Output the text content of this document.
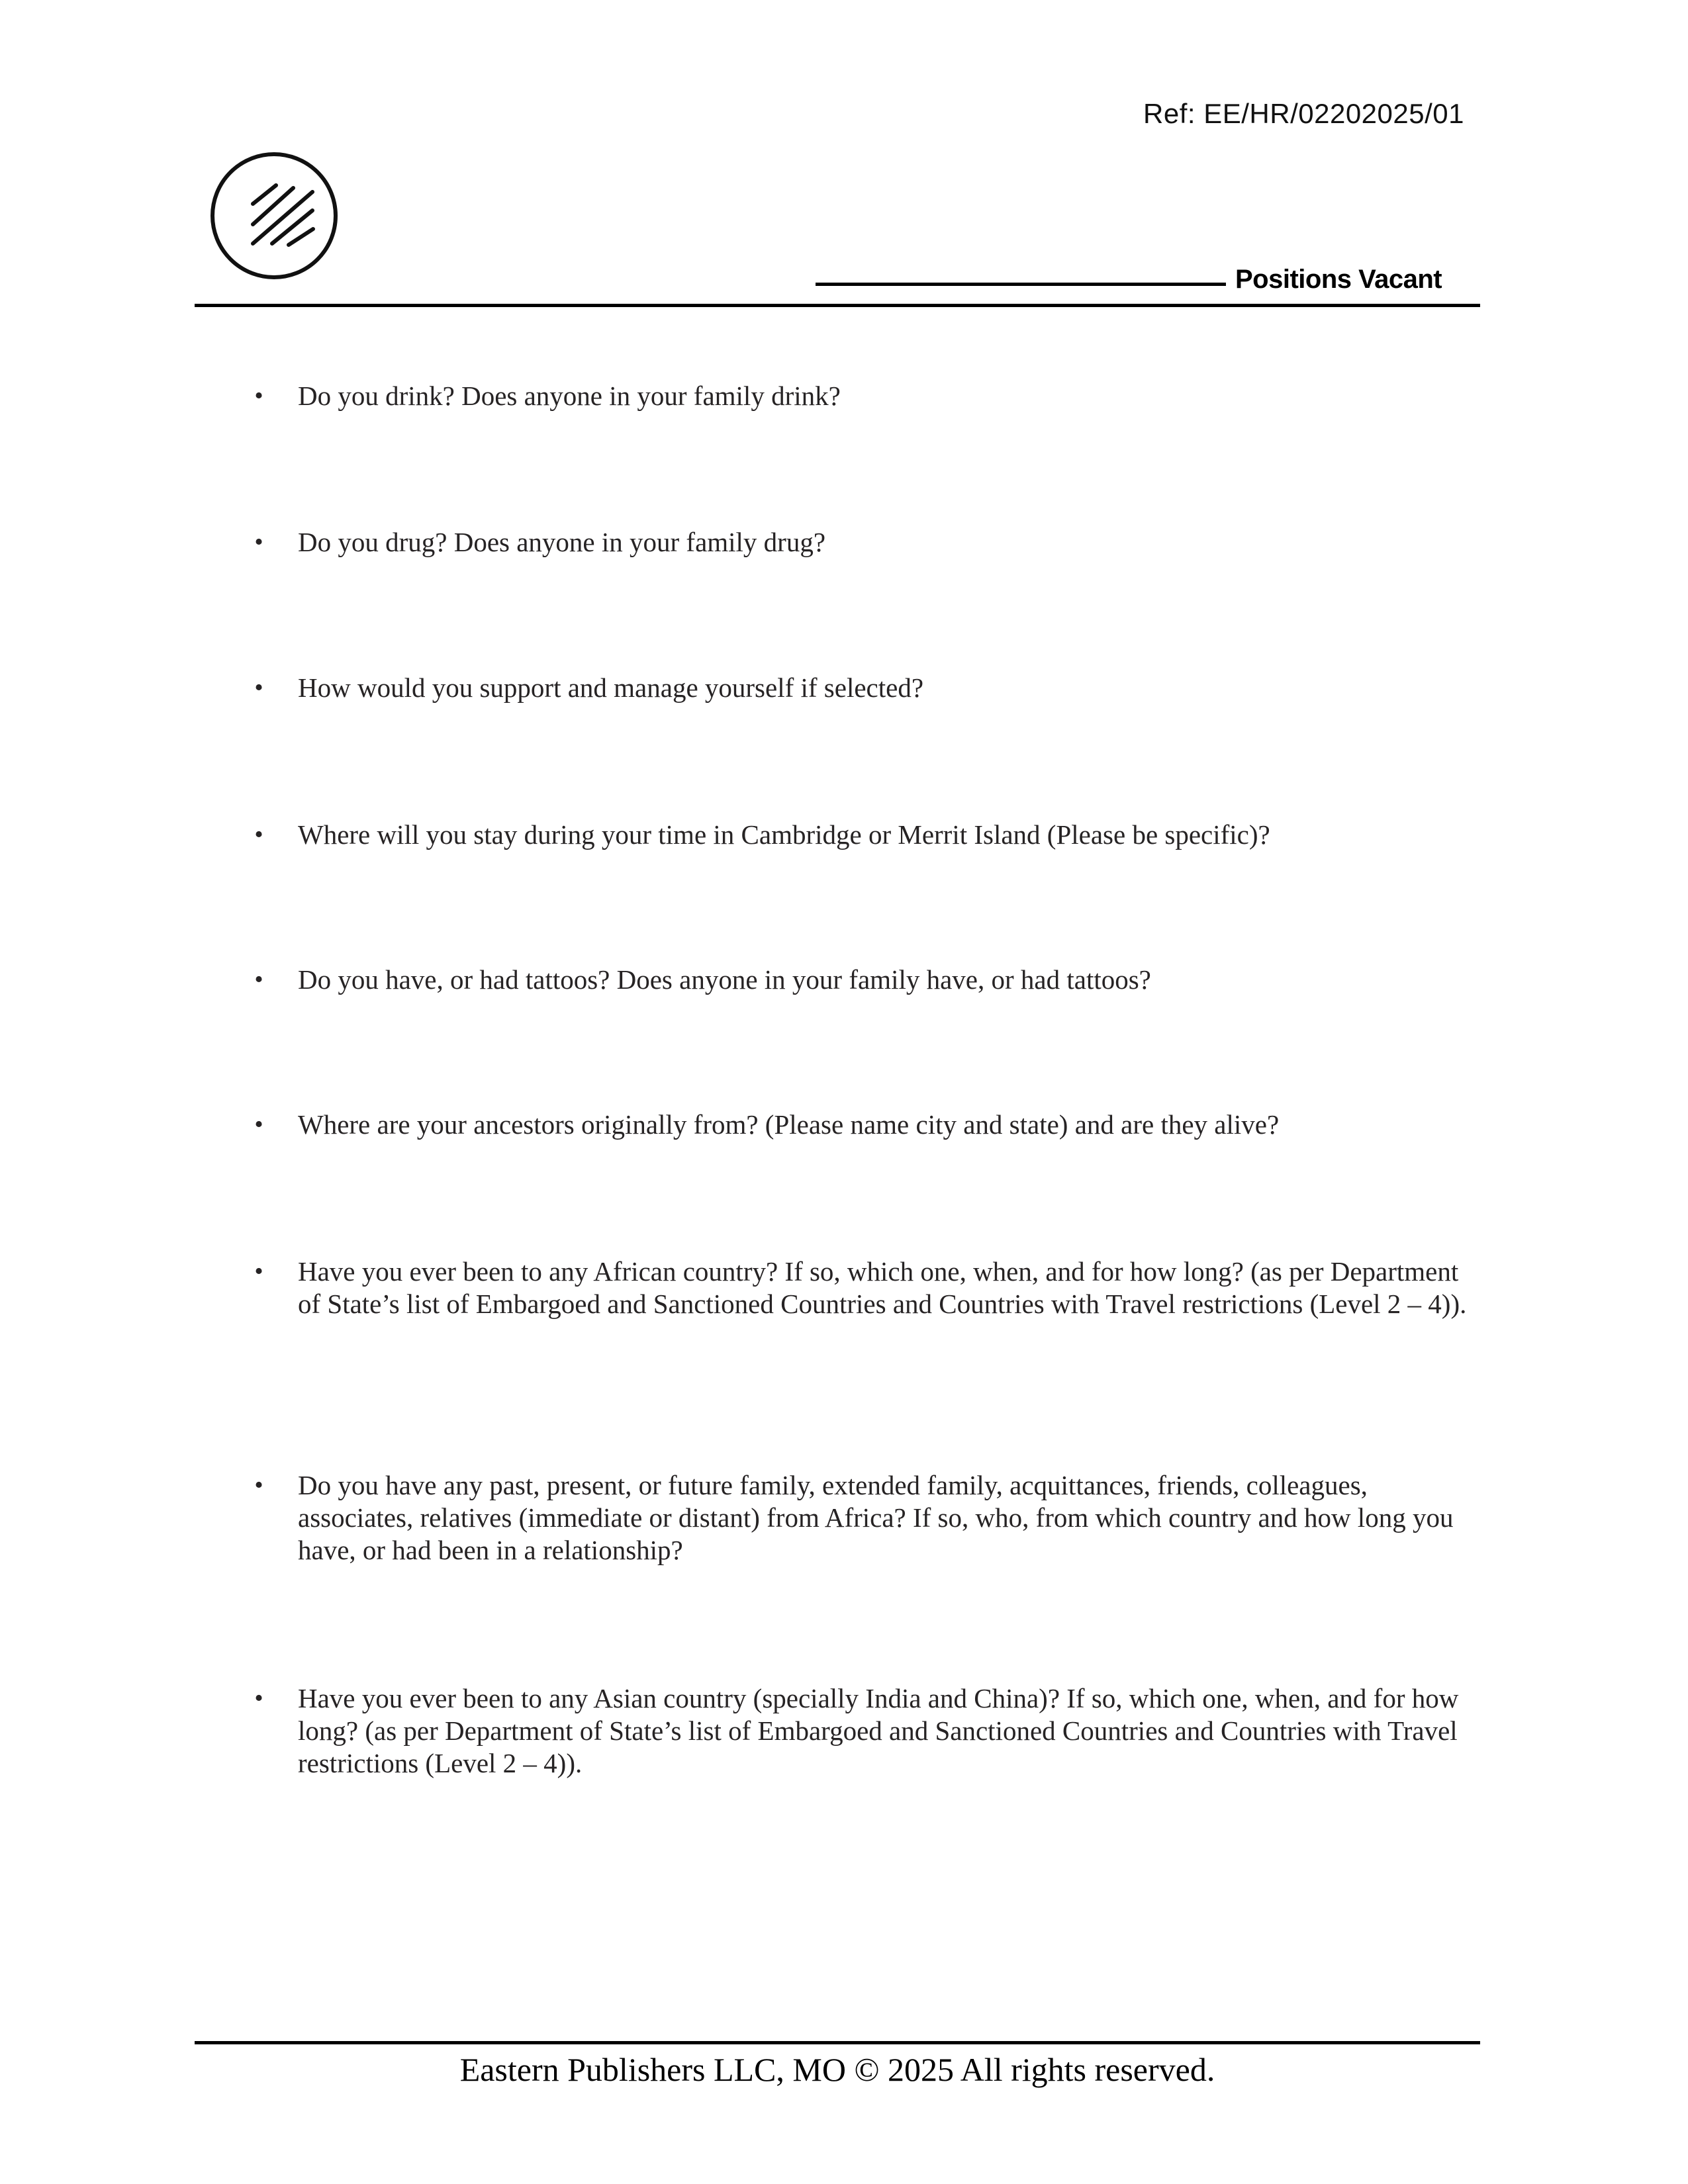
Ref: EE/HR/02202025/01
Positions Vacant
• Do you drink? Does anyone in your family drink?
• Do you drug? Does anyone in your family drug?
• How would you support and manage yourself if selected?
• Where will you stay during your time in Cambridge or Merrit Island (Please be specific)?
• Do you have, or had tattoos? Does anyone in your family have, or had tattoos?
• Where are your ancestors originally from? (Please name city and state) and are they alive?
• Have you ever been to any African country? If so, which one, when, and for how long? (as per Department of State’s list of Embargoed and Sanctioned Countries and Countries with Travel restrictions (Level 2 – 4)).
• Do you have any past, present, or future family, extended family, acquittances, friends, colleagues, associates, relatives (immediate or distant) from Africa? If so, who, from which country and how long you have, or had been in a relationship?
• Have you ever been to any Asian country (specially India and China)? If so, which one, when, and for how long? (as per Department of State’s list of Embargoed and Sanctioned Countries and Countries with Travel restrictions (Level 2 – 4)).
Eastern Publishers LLC, MO © 2025 All rights reserved.
